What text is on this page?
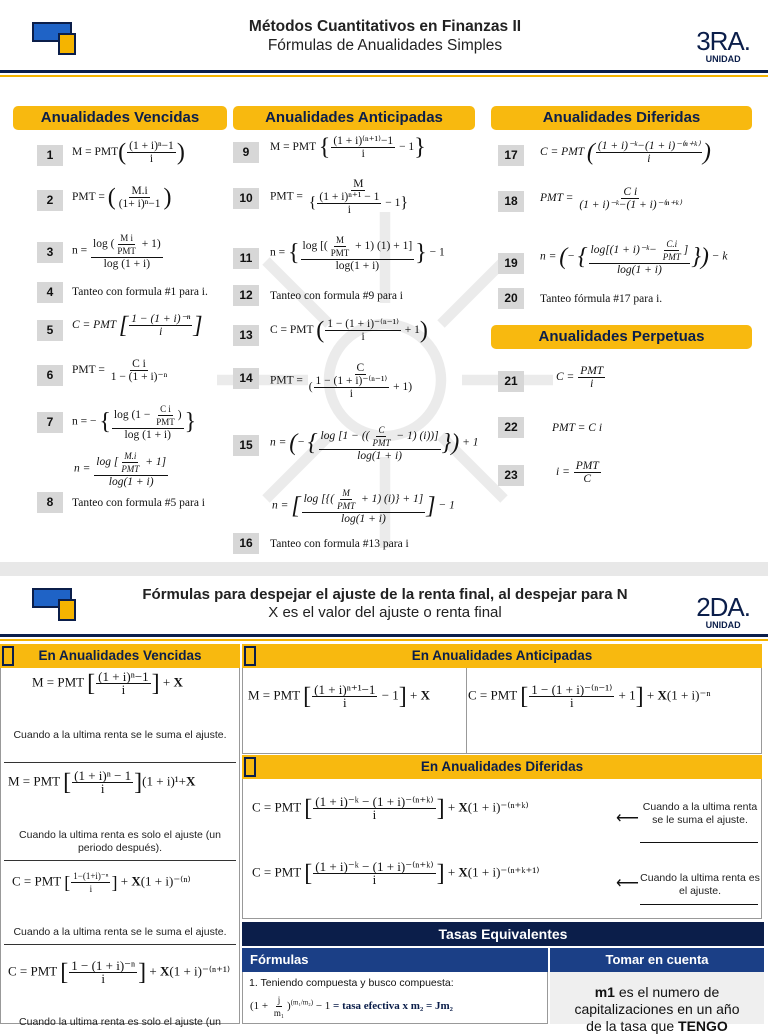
Métodos Cuantitativos en Finanzas II
Fórmulas de Anualidades Simples	3RA.
UNIDAD
Anualidades Vencidas	Anualidades Anticipadas	Anualidades Diferidas
Anualidades Perpetuas
1	$M = PMT( \frac{\text{(1 + i)ⁿ−1}}{i}$ )
2	PMT = ( $\frac{M.i}{\text{(1+ i)ⁿ−1}}$ )
3	$n = \frac{\log ( \frac{\text{M i}}{\text{PMT}} + 1)}{\log (1 + i)}$
4	Tanteo con formula #1 para i.
5	C = PMT [ $\frac{\text{1 − (1 + i)⁻ⁿ}}{i}$ ]
6	PMT = $\frac{\text{C i}}{\text{1 − (1 + i)⁻ⁿ}}$
7	n = − { $\frac{\log (1 - \frac{\text{C i}}{\text{PMT}} )}{\log (1 + i)}$ }
$n = \frac{\log [ \frac{M.i}{\text{PMT}} + 1]}{\log(1 + i)}$
8	Tanteo con formula #5 para i
9	M = PMT { $\frac{\text{(1 + i)⁽ⁿ⁺¹⁾−1}}{i} - 1$}
10	PMT = $\frac{M}{\{ \frac{\text{(1 + i)ⁿ⁺¹ − 1}}{i} - 1\}}$
11	n = { $\frac{\log [( \frac{M}{\text{PMT}} + 1) (1) + 1]}{\log(1 + i)}$ } − 1
12	Tanteo con formula #9 para i
13	C = PMT ( $\frac{\text{1 − (1 + i)⁻⁽ⁿ⁻¹⁾}}{i} + 1$)
14	PMT = $\frac{C}{( \frac{\text{1 − (1 + i)⁻⁽ⁿ⁻¹⁾}}{i} + 1)}$
15	n = (− { $\frac{\log [1 - (( \frac{C}{\text{PMT}} - 1) (i))]}{\log(1 + i)}$ }) + 1
n = [ $\frac{\log [\{( \frac{M}{\text{PMT}} + 1) (i)\} + 1]}{\log(1 + i)}$ ] − 1
16	Tanteo con formula #13 para i
17	C = PMT ( $\frac{\text{(1 + i)⁻ᵏ−(1 + i)⁻⁽ⁿ⁺ᵏ⁾}}{i}$ )
18	PMT = $\frac{\text{C i}}{\text{(1 + i)⁻ᵏ−(1 + i)⁻⁽ⁿ⁺ᵏ⁾}}$
19	n = (− { $\frac{\log[(1 + i)^-ᵏ- \frac{C.i}{\text{PMT}} ]}{\log(1 + i)}$ }) − k
20	Tanteo fórmula #17 para i.
21	$C = \frac{\text{PMT}}{i}$
22	PMT = C i
23	$i = \frac{\text{PMT}}{C}$
Fórmulas para despejar el ajuste de la renta final, al despejar para N
X es el valor del ajuste o renta final	2DA.
UNIDAD
En Anualidades Vencidas
M = PMT [ $\frac{\text{(1 + i)ⁿ−1}}{i}$ ] + X
Cuando a la ultima renta se le suma el ajuste.
M = PMT [ $\frac{\text{(1 + i)ⁿ − 1}}{i} ](1 + i)^1+X$
Cuando la ultima renta es solo el ajuste (un periodo después).
C = PMT [ $\frac{\text{1−(1+i)⁻ⁿ}}{i}$ ] + X(1 + i)⁻⁽ⁿ⁾
Cuando a la ultima renta se le suma el ajuste.
C = PMT [ $\frac{\text{1 − (1 + i)⁻ⁿ}}{i}$ ] + X(1 + i)⁻⁽ⁿ⁺¹⁾
Cuando la ultima renta es solo el ajuste (un
En Anualidades Anticipadas
M = PMT [ $\frac{\text{(1 + i)ⁿ⁺¹−1}}{i} - 1] + X$	C = PMT [ $\frac{\text{1 − (1 + i)⁻⁽ⁿ⁻¹⁾}}{i} + 1] + X(1 + i)^{-n}$
En Anualidades Diferidas
C = PMT [ $\frac{\text{(1 + i)⁻ᵏ − (1 + i)⁻⁽ⁿ⁺ᵏ⁾}}{i}$ ] + X(1 + i)⁻⁽ⁿ⁺ᵏ⁾
⟵
Cuando a la ultima renta se le suma el ajuste.
C = PMT [ $\frac{\text{(1 + i)⁻ᵏ − (1 + i)⁻⁽ⁿ⁺ᵏ⁾}}{i}$ ] + X(1 + i)⁻⁽ⁿ⁺ᵏ⁺¹⁾
⟵ Cuando la ultima renta es el ajuste.
Tasas Equivalentes
Fórmulas	Tomar en cuenta
1. Teniendo compuesta y busco compuesta:
$(1 + \frac{j}{\text{m₁}} )^{(m_1/m_2)} - 1$ = tasa efectiva x m₂ = Jm₂
m1 es el numero de
capitalizaciones en un año
de la tasa que TENGO
